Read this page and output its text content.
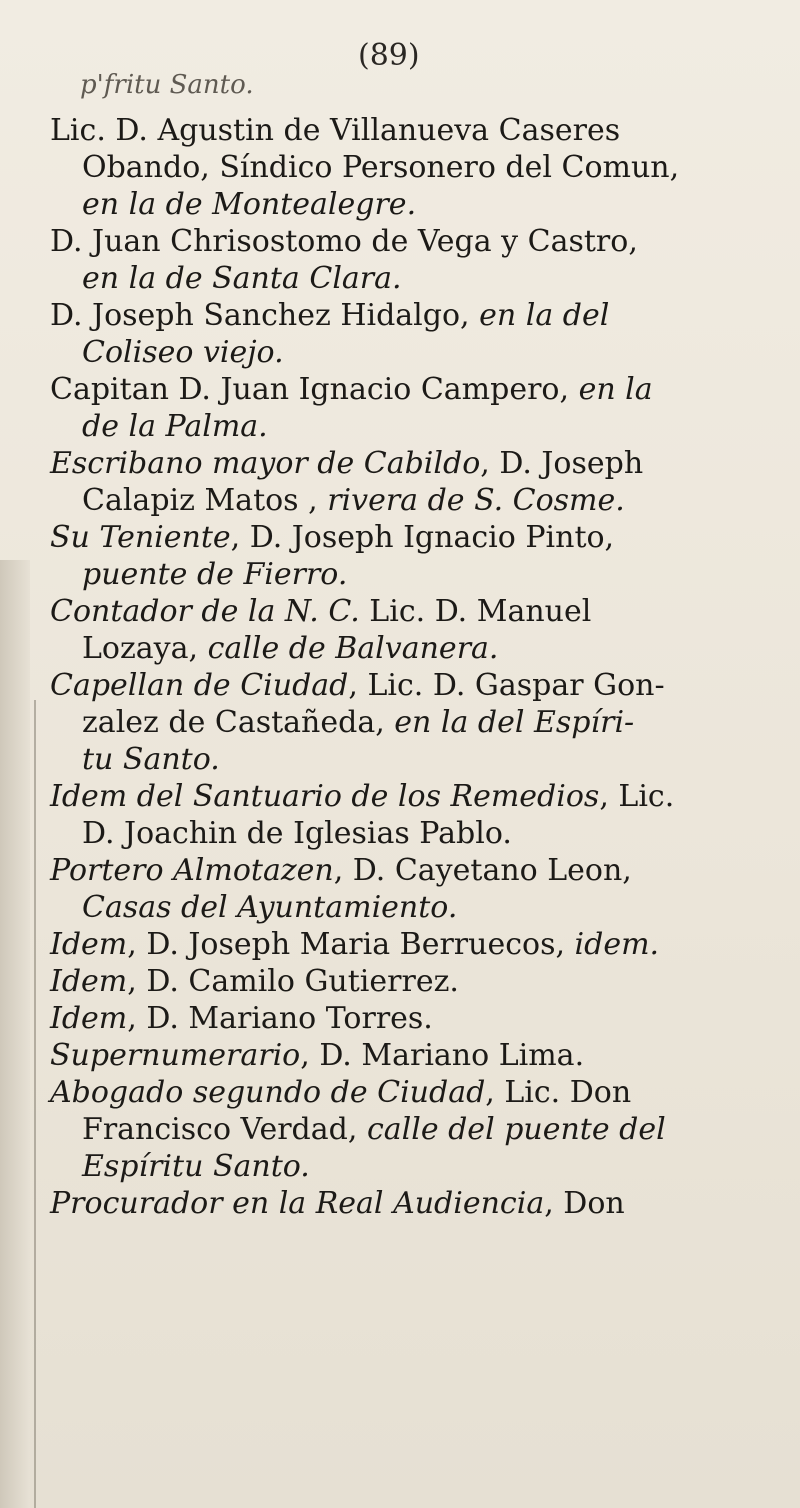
(89)
p'fritu Santo.

Lic. D. Agustin de Villanueva Caseres
Obando, Síndico Personero del Comun,
en la de Montealegre.

D. Juan Chrisostomo de Vega y Castro,
en la de Santa Clara.

D. Joseph Sanchez Hidalgo, en la del
Coliseo viejo.

Capitan D. Juan Ignacio Campero, en la
de la Palma.

Escribano mayor de Cabildo, D. Joseph
Calapiz Matos , rivera de S. Cosme.

Su Teniente, D. Joseph Ignacio Pinto,
puente de Fierro.

Contador de la N. C. Lic. D. Manuel
Lozaya, calle de Balvanera.

Capellan de Ciudad, Lic. D. Gaspar Gon-
zalez de Castañeda, en la del Espíri-
tu Santo.

Idem del Santuario de los Remedios, Lic.
D. Joachin de Iglesias Pablo.

Portero Almotazen, D. Cayetano Leon,
Casas del Ayuntamiento.

Idem, D. Joseph Maria Berruecos, idem.

Idem, D. Camilo Gutierrez.

Idem, D. Mariano Torres.

Supernumerario, D. Mariano Lima.

Abogado segundo de Ciudad, Lic. Don
Francisco Verdad, calle del puente del
Espíritu Santo.

Procurador en la Real Audiencia, Don
